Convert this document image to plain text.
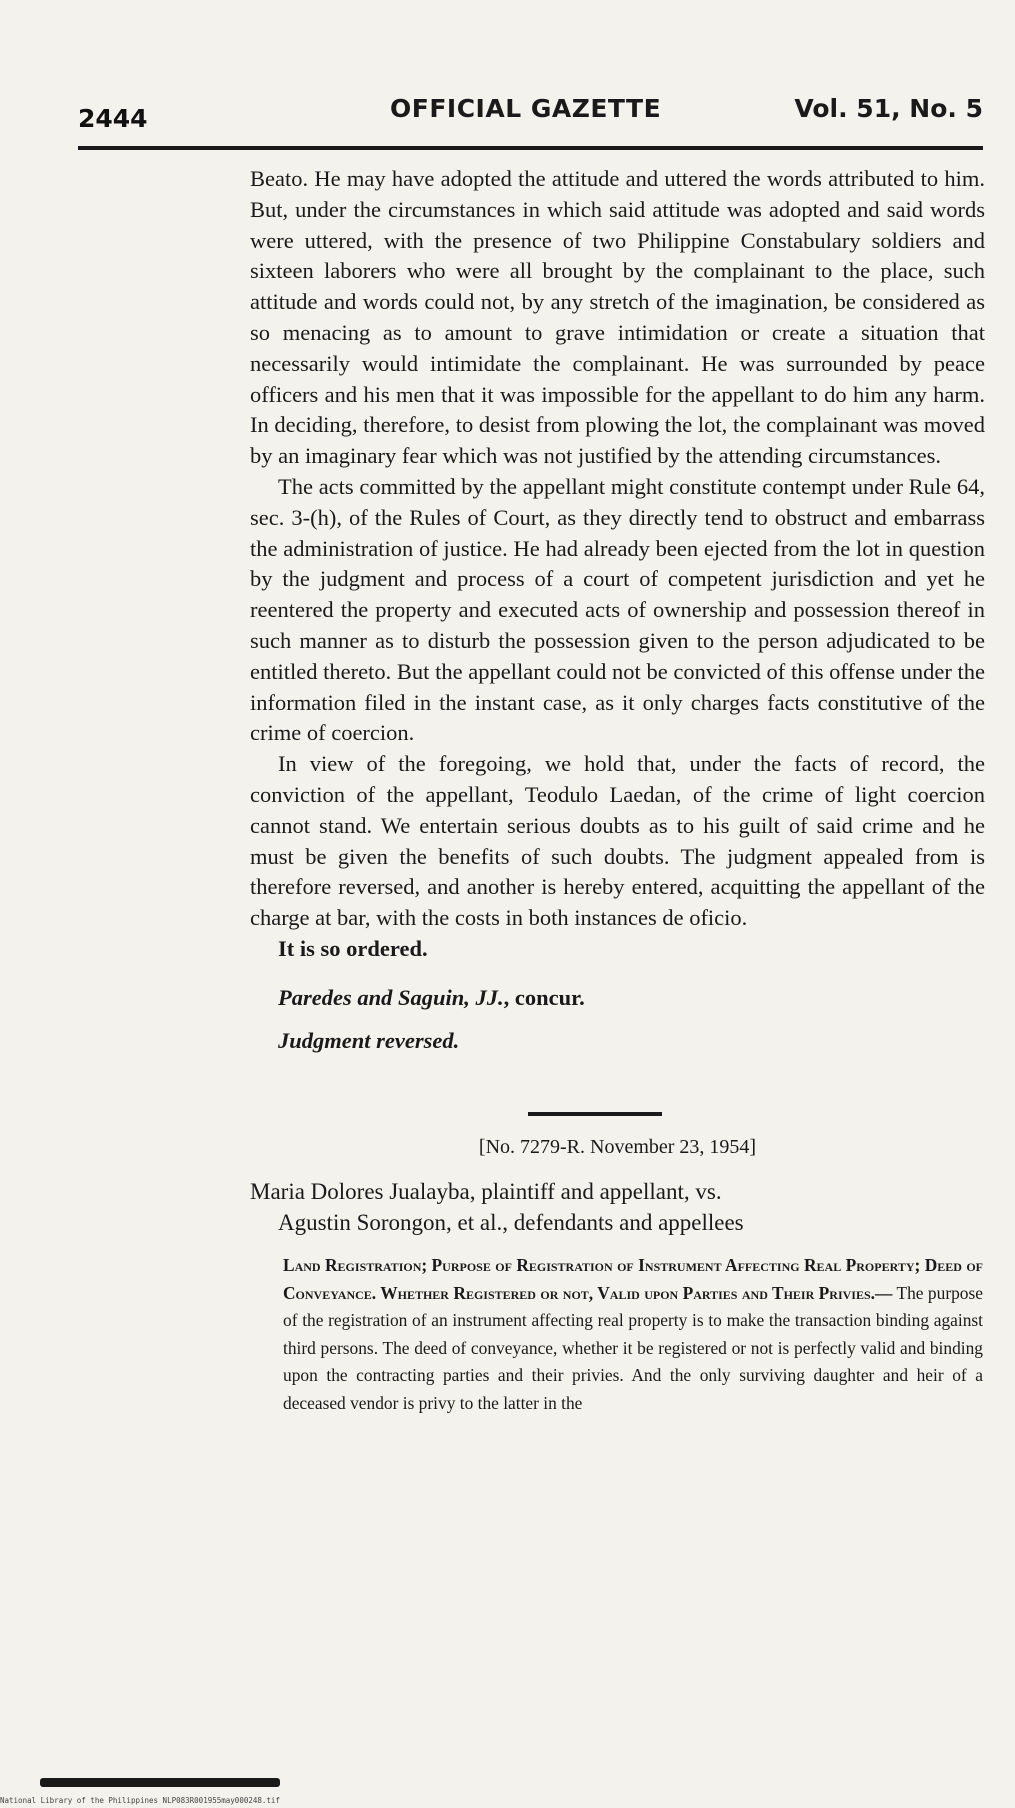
2444	OFFICIAL GAZETTE	Vol. 51, No. 5

Beato. He may have adopted the attitude and uttered the words attributed to him. But, under the circumstances in which said attitude was adopted and said words were uttered, with the presence of two Philippine Constabulary soldiers and sixteen laborers who were all brought by the complainant to the place, such attitude and words could not, by any stretch of the imagination, be considered as so menacing as to amount to grave intimidation or create a situation that necessarily would intimidate the complainant. He was surrounded by peace officers and his men that it was impossible for the appellant to do him any harm. In deciding, therefore, to desist from plowing the lot, the complainant was moved by an imaginary fear which was not justified by the attending circumstances.

The acts committed by the appellant might constitute contempt under Rule 64, sec. 3-(h), of the Rules of Court, as they directly tend to obstruct and embarrass the administration of justice. He had already been ejected from the lot in question by the judgment and process of a court of competent jurisdiction and yet he reentered the property and executed acts of ownership and possession thereof in such manner as to disturb the possession given to the person adjudicated to be entitled thereto. But the appellant could not be convicted of this offense under the information filed in the instant case, as it only charges facts constitutive of the crime of coercion.

In view of the foregoing, we hold that, under the facts of record, the conviction of the appellant, Teodulo Laedan, of the crime of light coercion cannot stand. We entertain serious doubts as to his guilt of said crime and he must be given the benefits of such doubts. The judgment appealed from is therefore reversed, and another is hereby entered, acquitting the appellant of the charge at bar, with the costs in both instances de oficio.

It is so ordered.

Paredes and Saguin, JJ., concur.

Judgment reversed.

[No. 7279-R. November 23, 1954]
Maria Dolores Jualayba, plaintiff and appellant, vs.
Agustin Sorongon, et al., defendants and appellees
Land Registration; Purpose of Registration of Instrument Affecting Real Property; Deed of Conveyance. Whether Registered or not, Valid upon Parties and Their Privies.— The purpose of the registration of an instrument affecting real property is to make the transaction binding against third persons. The deed of conveyance, whether it be registered or not is perfectly valid and binding upon the contracting parties and their privies. And the only surviving daughter and heir of a deceased vendor is privy to the latter in the
National Library of the Philippines NLP083R001955may000248.tif
